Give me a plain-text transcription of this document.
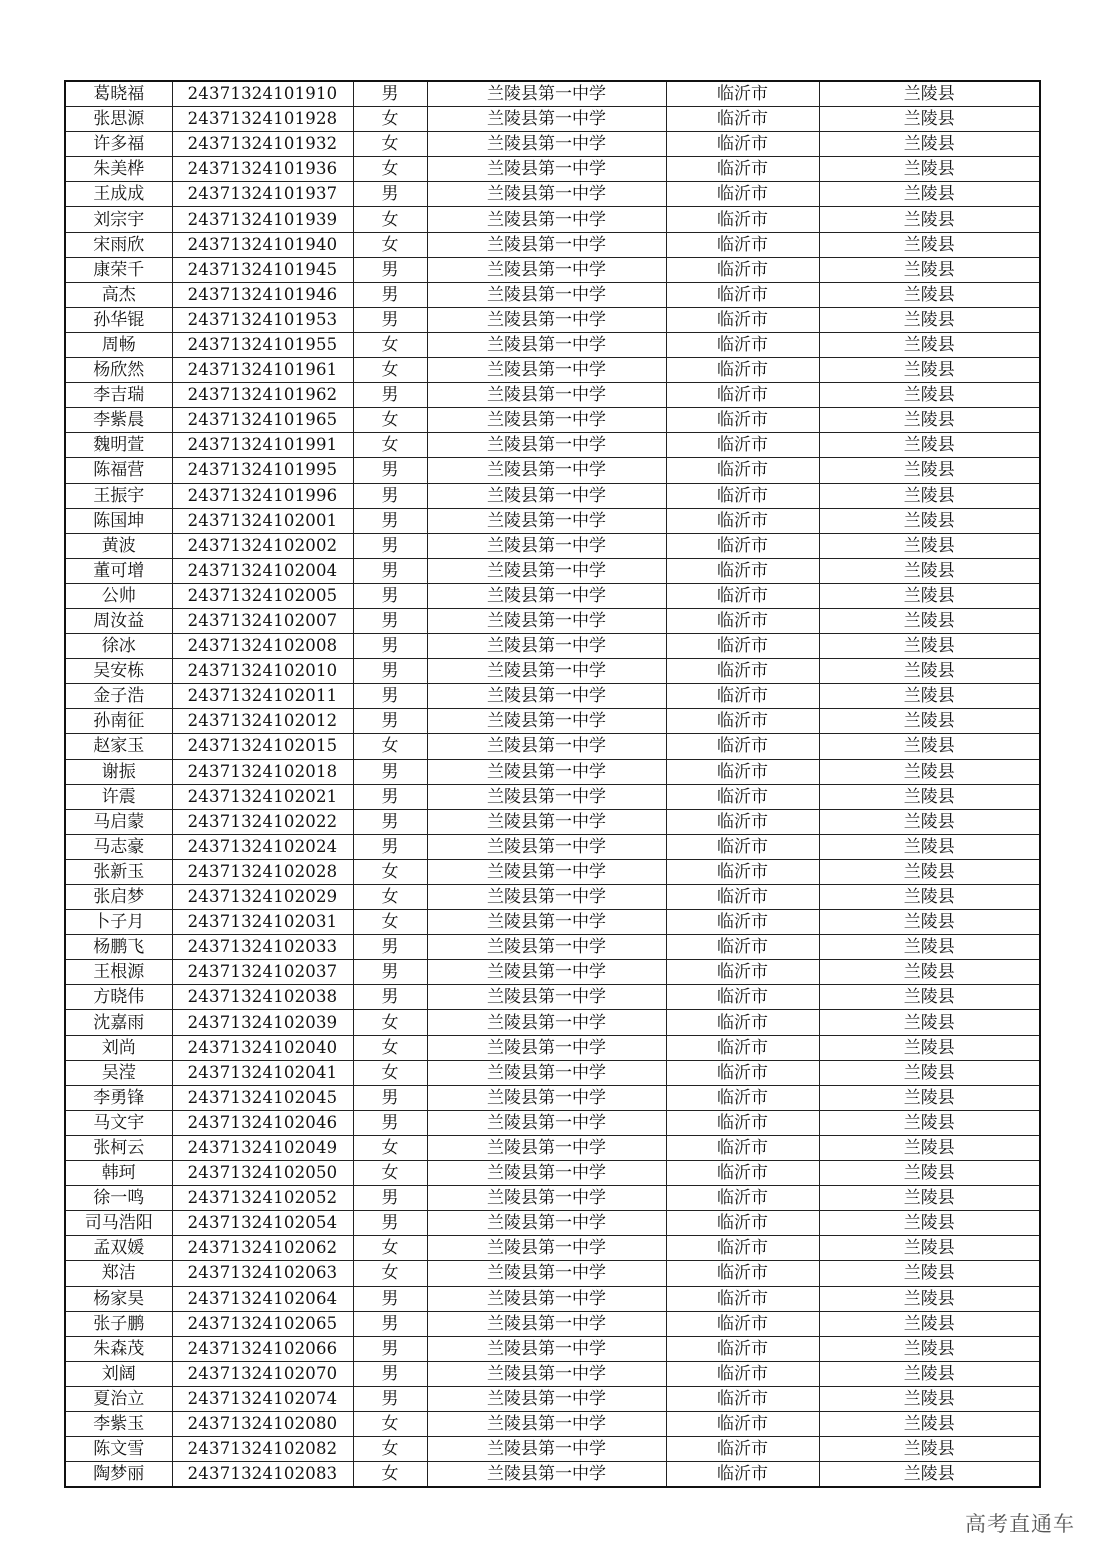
葛晓福	24371324101910	男	兰陵县第一中学	临沂市	兰陵县
张思源	24371324101928	女	兰陵县第一中学	临沂市	兰陵县
许多福	24371324101932	女	兰陵县第一中学	临沂市	兰陵县
朱美桦	24371324101936	女	兰陵县第一中学	临沂市	兰陵县
王成成	24371324101937	男	兰陵县第一中学	临沂市	兰陵县
刘宗宇	24371324101939	女	兰陵县第一中学	临沂市	兰陵县
宋雨欣	24371324101940	女	兰陵县第一中学	临沂市	兰陵县
康荣千	24371324101945	男	兰陵县第一中学	临沂市	兰陵县
高杰	24371324101946	男	兰陵县第一中学	临沂市	兰陵县
孙华锟	24371324101953	男	兰陵县第一中学	临沂市	兰陵县
周畅	24371324101955	女	兰陵县第一中学	临沂市	兰陵县
杨欣然	24371324101961	女	兰陵县第一中学	临沂市	兰陵县
李吉瑞	24371324101962	男	兰陵县第一中学	临沂市	兰陵县
李紫晨	24371324101965	女	兰陵县第一中学	临沂市	兰陵县
魏明萱	24371324101991	女	兰陵县第一中学	临沂市	兰陵县
陈福营	24371324101995	男	兰陵县第一中学	临沂市	兰陵县
王振宇	24371324101996	男	兰陵县第一中学	临沂市	兰陵县
陈国坤	24371324102001	男	兰陵县第一中学	临沂市	兰陵县
黄波	24371324102002	男	兰陵县第一中学	临沂市	兰陵县
董可增	24371324102004	男	兰陵县第一中学	临沂市	兰陵县
公帅	24371324102005	男	兰陵县第一中学	临沂市	兰陵县
周汝益	24371324102007	男	兰陵县第一中学	临沂市	兰陵县
徐冰	24371324102008	男	兰陵县第一中学	临沂市	兰陵县
吴安栋	24371324102010	男	兰陵县第一中学	临沂市	兰陵县
金子浩	24371324102011	男	兰陵县第一中学	临沂市	兰陵县
孙南征	24371324102012	男	兰陵县第一中学	临沂市	兰陵县
赵家玉	24371324102015	女	兰陵县第一中学	临沂市	兰陵县
谢振	24371324102018	男	兰陵县第一中学	临沂市	兰陵县
许震	24371324102021	男	兰陵县第一中学	临沂市	兰陵县
马启蒙	24371324102022	男	兰陵县第一中学	临沂市	兰陵县
马志豪	24371324102024	男	兰陵县第一中学	临沂市	兰陵县
张新玉	24371324102028	女	兰陵县第一中学	临沂市	兰陵县
张启梦	24371324102029	女	兰陵县第一中学	临沂市	兰陵县
卜子月	24371324102031	女	兰陵县第一中学	临沂市	兰陵县
杨鹏飞	24371324102033	男	兰陵县第一中学	临沂市	兰陵县
王根源	24371324102037	男	兰陵县第一中学	临沂市	兰陵县
方晓伟	24371324102038	男	兰陵县第一中学	临沂市	兰陵县
沈嘉雨	24371324102039	女	兰陵县第一中学	临沂市	兰陵县
刘尚	24371324102040	女	兰陵县第一中学	临沂市	兰陵县
吴滢	24371324102041	女	兰陵县第一中学	临沂市	兰陵县
李勇锋	24371324102045	男	兰陵县第一中学	临沂市	兰陵县
马文宇	24371324102046	男	兰陵县第一中学	临沂市	兰陵县
张柯云	24371324102049	女	兰陵县第一中学	临沂市	兰陵县
韩珂	24371324102050	女	兰陵县第一中学	临沂市	兰陵县
徐一鸣	24371324102052	男	兰陵县第一中学	临沂市	兰陵县
司马浩阳	24371324102054	男	兰陵县第一中学	临沂市	兰陵县
孟双媛	24371324102062	女	兰陵县第一中学	临沂市	兰陵县
郑洁	24371324102063	女	兰陵县第一中学	临沂市	兰陵县
杨家昊	24371324102064	男	兰陵县第一中学	临沂市	兰陵县
张子鹏	24371324102065	男	兰陵县第一中学	临沂市	兰陵县
朱森茂	24371324102066	男	兰陵县第一中学	临沂市	兰陵县
刘阔	24371324102070	男	兰陵县第一中学	临沂市	兰陵县
夏治立	24371324102074	男	兰陵县第一中学	临沂市	兰陵县
李紫玉	24371324102080	女	兰陵县第一中学	临沂市	兰陵县
陈文雪	24371324102082	女	兰陵县第一中学	临沂市	兰陵县
陶梦丽	24371324102083	女	兰陵县第一中学	临沂市	兰陵县
高考直通车
